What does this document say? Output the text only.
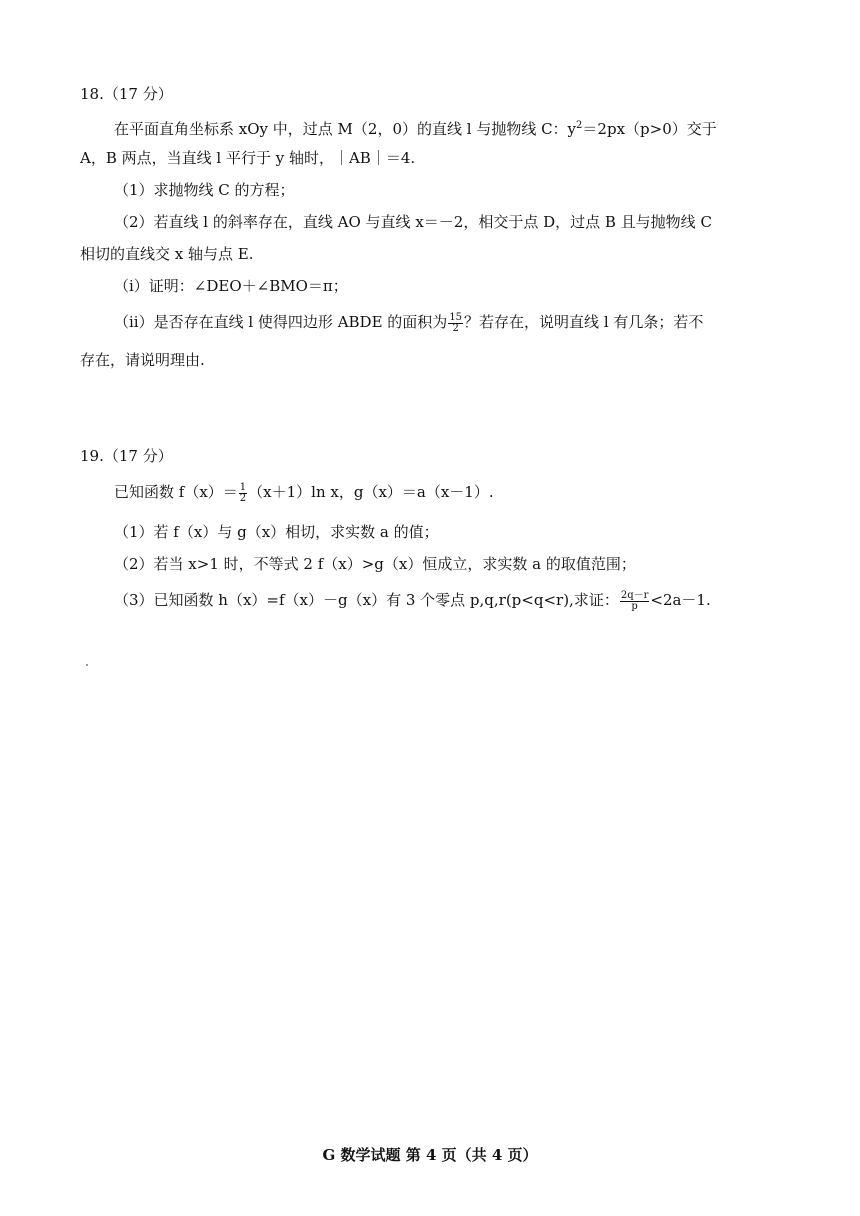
18.（17 分）
在平面直角坐标系 xOy 中，过点 M（2，0）的直线 l 与抛物线 C：$y^2=2px(p>0)$交于
A，B 两点，当直线 l 平行于 y 轴时，｜AB｜＝4.
（1）求抛物线 C 的方程；
（2）若直线 l 的斜率存在，直线 AO 与直线 x＝－2，相交于点 D，过点 B 且与抛物线 C
相切的直线交 x 轴与点 E.
（i）证明：∠DEO＋∠BMO＝π；
（ii）是否存在直线 l 使得四边形 ABDE 的面积为 $\frac{15}{2}$ ？若存在，说明直线 l 有几条；若不
存在，请说明理由.
19.（17 分）
已知函数 $f(x)= \frac{1}{2} (x+1)\ln$ x，g（x）＝a（x－1）.
（1）若 f（x）与 g（x）相切，求实数 a 的值；
（2）若当 x>1 时，不等式 2 f（x）>g（x）恒成立，求实数 a 的取值范围；
（3）已知函数 h（x）=f（x）－g（x）有 3 个零点 p,q,r(p<q<r),求证： $\frac{2q-r}{p} <2a-1$.
G 数学试题 第 4 页（共 4 页）
